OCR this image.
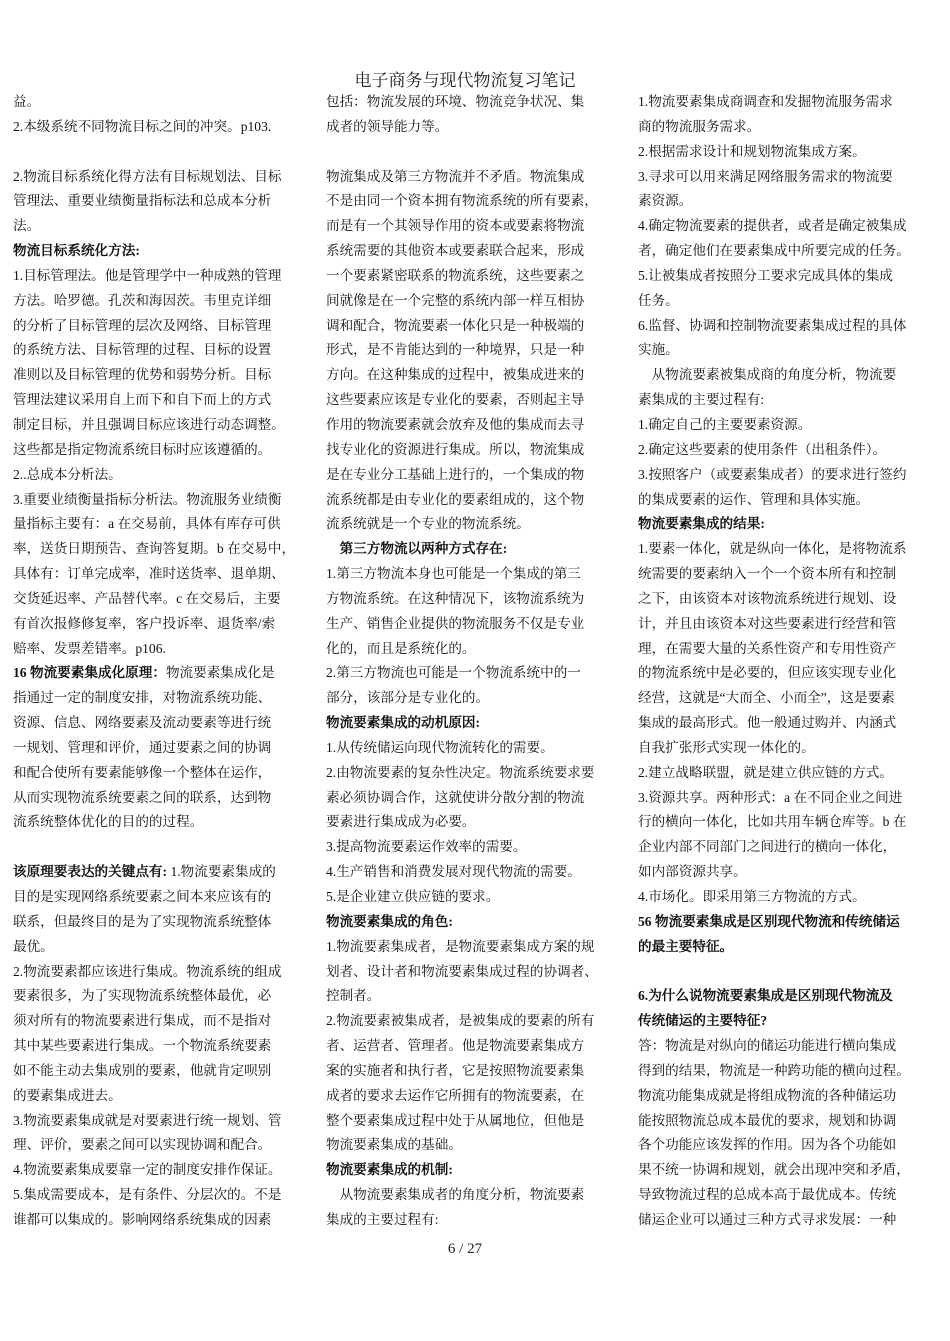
电子商务与现代物流复习笔记
益。
2.本级系统不同物流目标之间的冲突。p103.
2.物流目标系统化得方法有目标规划法、目标
管理法、重要业绩衡量指标法和总成本分析
法。
物流目标系统化方法:
1.目标管理法。他是管理学中一种成熟的管理
方法。哈罗德。孔茨和海因茨。韦里克详细
的分析了目标管理的层次及网络、目标管理
的系统方法、目标管理的过程、目标的设置
准则以及目标管理的优势和弱势分析。目标
管理法建议采用自上而下和自下而上的方式
制定目标，并且强调目标应该进行动态调整。
这些都是指定物流系统目标时应该遵循的。
2..总成本分析法。
3.重要业绩衡量指标分析法。物流服务业绩衡
量指标主要有：a 在交易前，具体有库存可供
率，送货日期预告、查询答复期。b 在交易中，
具体有：订单完成率，准时送货率、退单期、
交货延迟率、产品替代率。c 在交易后，主要
有首次报修修复率，客户投诉率、退货率/索
赔率、发票差错率。p106.
16 物流要素集成化原理：物流要素集成化是
指通过一定的制度安排，对物流系统功能、
资源、信息、网络要素及流动要素等进行统
一规划、管理和评价，通过要素之间的协调
和配合使所有要素能够像一个整体在运作，
从而实现物流系统要素之间的联系，达到物
流系统整体优化的目的的过程。
该原理要表达的关键点有: 1.物流要素集成的
目的是实现网络系统要素之间本来应该有的
联系，但最终目的是为了实现物流系统整体
最优。
2.物流要素都应该进行集成。物流系统的组成
要素很多，为了实现物流系统整体最优，必
须对所有的物流要素进行集成，而不是指对
其中某些要素进行集成。一个物流系统要素
如不能主动去集成别的要素，他就肯定呗别
的要素集成进去。
3.物流要素集成就是对要素进行统一规划、管
理、评价，要素之间可以实现协调和配合。
4.物流要素集成要靠一定的制度安排作保证。
5.集成需要成本，是有条件、分层次的。不是
谁都可以集成的。影响网络系统集成的因素
包括：物流发展的环境、物流竞争状况、集
成者的领导能力等。
物流集成及第三方物流并不矛盾。物流集成
不是由同一个资本拥有物流系统的所有要素，
而是有一个其领导作用的资本或要素将物流
系统需要的其他资本或要素联合起来，形成
一个要素紧密联系的物流系统，这些要素之
间就像是在一个完整的系统内部一样互相协
调和配合，物流要素一体化只是一种极端的
形式，是不肯能达到的一种境界，只是一种
方向。在这种集成的过程中，被集成进来的
这些要素应该是专业化的要素，否则起主导
作用的物流要素就会放弃及他的集成而去寻
找专业化的资源进行集成。所以，物流集成
是在专业分工基础上进行的，一个集成的物
流系统都是由专业化的要素组成的，这个物
流系统就是一个专业的物流系统。
　第三方物流以两种方式存在:
1.第三方物流本身也可能是一个集成的第三
方物流系统。在这种情况下，该物流系统为
生产、销售企业提供的物流服务不仅是专业
化的，而且是系统化的。
2.第三方物流也可能是一个物流系统中的一
部分，该部分是专业化的。
物流要素集成的动机原因:
1.从传统储运向现代物流转化的需要。
2.由物流要素的复杂性决定。物流系统要求要
素必须协调合作，这就使讲分散分割的物流
要素进行集成成为必要。
3.提高物流要素运作效率的需要。
4.生产销售和消费发展对现代物流的需要。
5.是企业建立供应链的要求。
物流要素集成的角色:
1.物流要素集成者，是物流要素集成方案的规
划者、设计者和物流要素集成过程的协调者、
控制者。
2.物流要素被集成者，是被集成的要素的所有
者、运营者、管理者。他是物流要素集成方
案的实施者和执行者，它是按照物流要素集
成者的要求去运作它所拥有的物流要素，在
整个要素集成过程中处于从属地位，但他是
物流要素集成的基础。
物流要素集成的机制:
　从物流要素集成者的角度分析，物流要素
集成的主要过程有:
1.物流要素集成商调查和发掘物流服务需求
商的物流服务需求。
2.根据需求设计和规划物流集成方案。
3.寻求可以用来满足网络服务需求的物流要
素资源。
4.确定物流要素的提供者，或者是确定被集成
者，确定他们在要素集成中所要完成的任务。
5.让被集成者按照分工要求完成具体的集成
任务。
6.监督、协调和控制物流要素集成过程的具体
实施。
　从物流要素被集成商的角度分析，物流要
素集成的主要过程有:
1.确定自己的主要要素资源。
2.确定这些要素的使用条件（出租条件）。
3.按照客户（或要素集成者）的要求进行签约
的集成要素的运作、管理和具体实施。
物流要素集成的结果:
1.要素一体化，就是纵向一体化，是将物流系
统需要的要素纳入一个一个资本所有和控制
之下，由该资本对该物流系统进行规划、设
计，并且由该资本对这些要素进行经营和管
理，在需要大量的关系性资产和专用性资产
的物流系统中是必要的，但应该实现专业化
经营，这就是“大而全、小而全”，这是要素
集成的最高形式。他一般通过购并、内涵式
自我扩张形式实现一体化的。
2.建立战略联盟，就是建立供应链的方式。
3.资源共享。两种形式：a 在不同企业之间进
行的横向一体化，比如共用车辆仓库等。b 在
企业内部不同部门之间进行的横向一体化，
如内部资源共享。
4.市场化。即采用第三方物流的方式。
56 物流要素集成是区别现代物流和传统储运
的最主要特征。
6.为什么说物流要素集成是区别现代物流及
传统储运的主要特征?
答：物流是对纵向的储运功能进行横向集成
得到的结果，物流是一种跨功能的横向过程。
物流功能集成就是将组成物流的各种储运功
能按照物流总成本最优的要求，规划和协调
各个功能应该发挥的作用。因为各个功能如
果不统一协调和规划，就会出现冲突和矛盾，
导致物流过程的总成本高于最优成本。传统
储运企业可以通过三种方式寻求发展：一种
6 / 27
